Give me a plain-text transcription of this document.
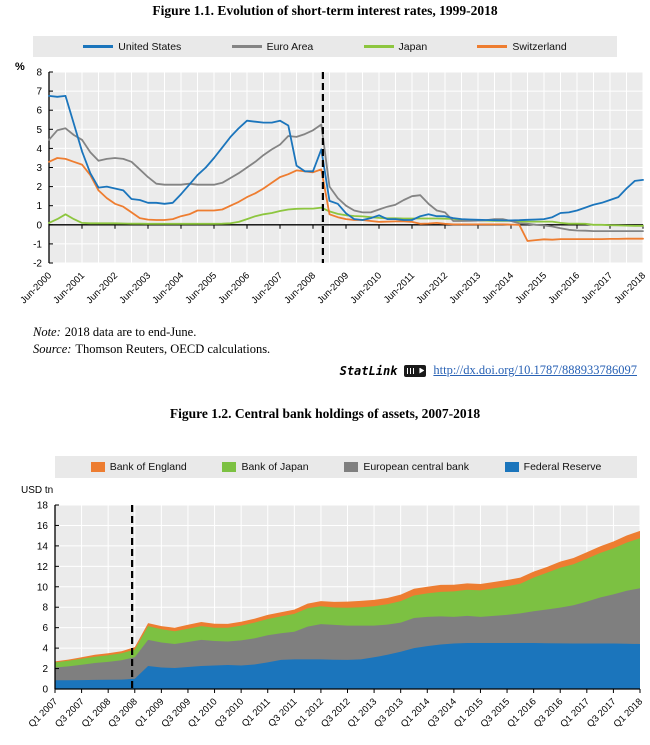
Figure 1.1. Evolution of short-term interest rates, 1999-2018
United States	Euro Area	Japan	Switzerland
%
-2
-1
0
1
2
3
4
5
6
7
8
Jun-2000
Jun-2001
Jun-2002
Jun-2003
Jun-2004
Jun-2005
Jun-2006
Jun-2007
Jun-2008
Jun-2009
Jun-2010
Jun-2011
Jun-2012
Jun-2013
Jun-2014
Jun-2015
Jun-2016
Jun-2017
Jun-2018
Note: 2018 data are to end-June.
Source: Thomson Reuters, OECD calculations.
StatLink	http://dx.doi.org/10.1787/888933786097
Figure 1.2. Central bank holdings of assets, 2007-2018
Bank of England	Bank of Japan	European central bank	Federal Reserve
USD tn
0
2
4
6
8
10
12
14
16
18
Q1 2007
Q3 2007
Q1 2008
Q3 2008
Q1 2009
Q3 2009
Q1 2010
Q3 2010
Q1 2011
Q3 2011
Q1 2012
Q3 2012
Q1 2013
Q3 2013
Q1 2014
Q3 2014
Q1 2015
Q3 2015
Q1 2016
Q3 2016
Q1 2017
Q3 2017
Q1 2018
